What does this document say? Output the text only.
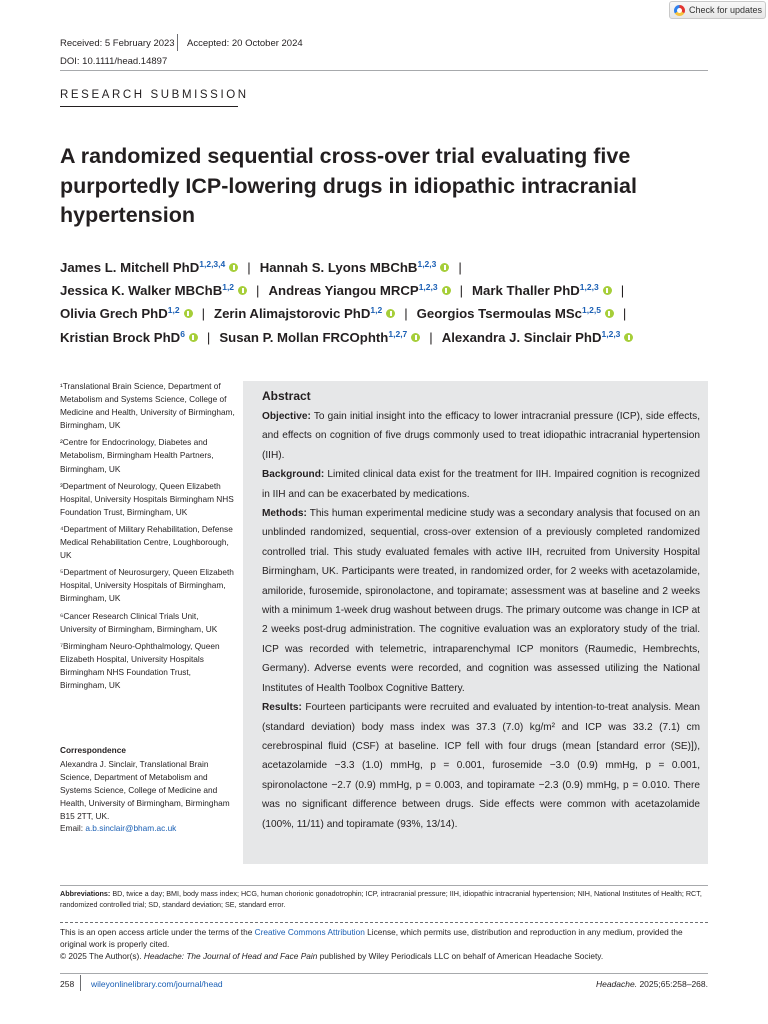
Check for updates
Received: 5 February 2023 Accepted: 20 October 2024
DOI: 10.1111/head.14897
RESEARCH SUBMISSION
A randomized sequential cross-over trial evaluating five purportedly ICP-lowering drugs in idiopathic intracranial hypertension
James L. Mitchell PhD$^{1,2,3,4}$ | Hannah S. Lyons MBChB$^{1,2,3}$ |
Jessica K. Walker MBChB$^{1,2}$ | Andreas Yiangou MRCP$^{1,2,3}$ | Mark Thaller PhD$^{1,2,3}$ |
Olivia Grech PhD$^{1,2}$ | Zerin Alimajstorovic PhD$^{1,2}$ | Georgios Tsermoulas MSc$^{1,2,5}$ |
Kristian Brock PhD$^6$ | Susan P. Mollan FRCOphth$^{1,2,7}$ | Alexandra J. Sinclair PhD$^{1,2,3}$
¹Translational Brain Science, Department of Metabolism and Systems Science, College of Medicine and Health, University of Birmingham, Birmingham, UK
²Centre for Endocrinology, Diabetes and Metabolism, Birmingham Health Partners, Birmingham, UK
³Department of Neurology, Queen Elizabeth Hospital, University Hospitals Birmingham NHS Foundation Trust, Birmingham, UK
⁴Department of Military Rehabilitation, Defense Medical Rehabilitation Centre, Loughborough, UK
⁵Department of Neurosurgery, Queen Elizabeth Hospital, University Hospitals of Birmingham, Birmingham, UK
⁶Cancer Research Clinical Trials Unit, University of Birmingham, Birmingham, UK
⁷Birmingham Neuro-Ophthalmology, Queen Elizabeth Hospital, University Hospitals Birmingham NHS Foundation Trust, Birmingham, UK
Correspondence
Alexandra J. Sinclair, Translational Brain Science, Department of Metabolism and Systems Science, College of Medicine and Health, University of Birmingham, Birmingham B15 2TT, UK.
Email: a.b.sinclair@bham.ac.uk
Abstract

Objective: To gain initial insight into the efficacy to lower intracranial pressure (ICP), side effects, and effects on cognition of five drugs commonly used to treat idiopathic intracranial hypertension (IIH).

Background: Limited clinical data exist for the treatment for IIH. Impaired cognition is recognized in IIH and can be exacerbated by medications.

Methods: This human experimental medicine study was a secondary analysis that focused on an unblinded randomized, sequential, cross-over extension of a previously completed randomized controlled trial. This study evaluated females with active IIH, recruited from University Hospital Birmingham, UK. Participants were treated, in randomized order, for 2 weeks with acetazolamide, amiloride, furosemide, spironolactone, and topiramate; assessment was at baseline and 2 weeks with a minimum 1-week drug washout between drugs. The primary outcome was change in ICP at 2 weeks post-drug administration. The cognitive evaluation was an exploratory study of the trial. ICP was recorded with telemetric, intraparenchymal ICP monitors (Raumedic, Hembrechts, Germany). Adverse events were recorded, and cognition was assessed utilizing the National Institutes of Health Toolbox Cognitive Battery.

Results: Fourteen participants were recruited and evaluated by intention-to-treat analysis. Mean (standard deviation) body mass index was 37.3 (7.0) kg/m² and ICP was 33.2 (7.1) cm cerebrospinal fluid (CSF) at baseline. ICP fell with four drugs (mean [standard error (SE)]), acetazolamide −3.3 (1.0) mmHg, p = 0.001, furosemide −3.0 (0.9) mmHg, p = 0.001, spironolactone −2.7 (0.9) mmHg, p = 0.003, and topiramate −2.3 (0.9) mmHg, p = 0.010. There was no significant difference between drugs. Side effects were common with acetazolamide (100%, 11/11) and topiramate (93%, 13/14).

Abbreviations: BD, twice a day; BMI, body mass index; HCG, human chorionic gonadotrophin; ICP, intracranial pressure; IIH, idiopathic intracranial hypertension; NIH, National Institutes of Health; RCT, randomized controlled trial; SD, standard deviation; SE, standard error.
This is an open access article under the terms of the Creative Commons Attribution License, which permits use, distribution and reproduction in any medium, provided the original work is properly cited.
© 2025 The Author(s). Headache: The Journal of Head and Face Pain published by Wiley Periodicals LLC on behalf of American Headache Society.
258 wileyonlinelibrary.com/journal/head	Headache. 2025;65:258–268.
